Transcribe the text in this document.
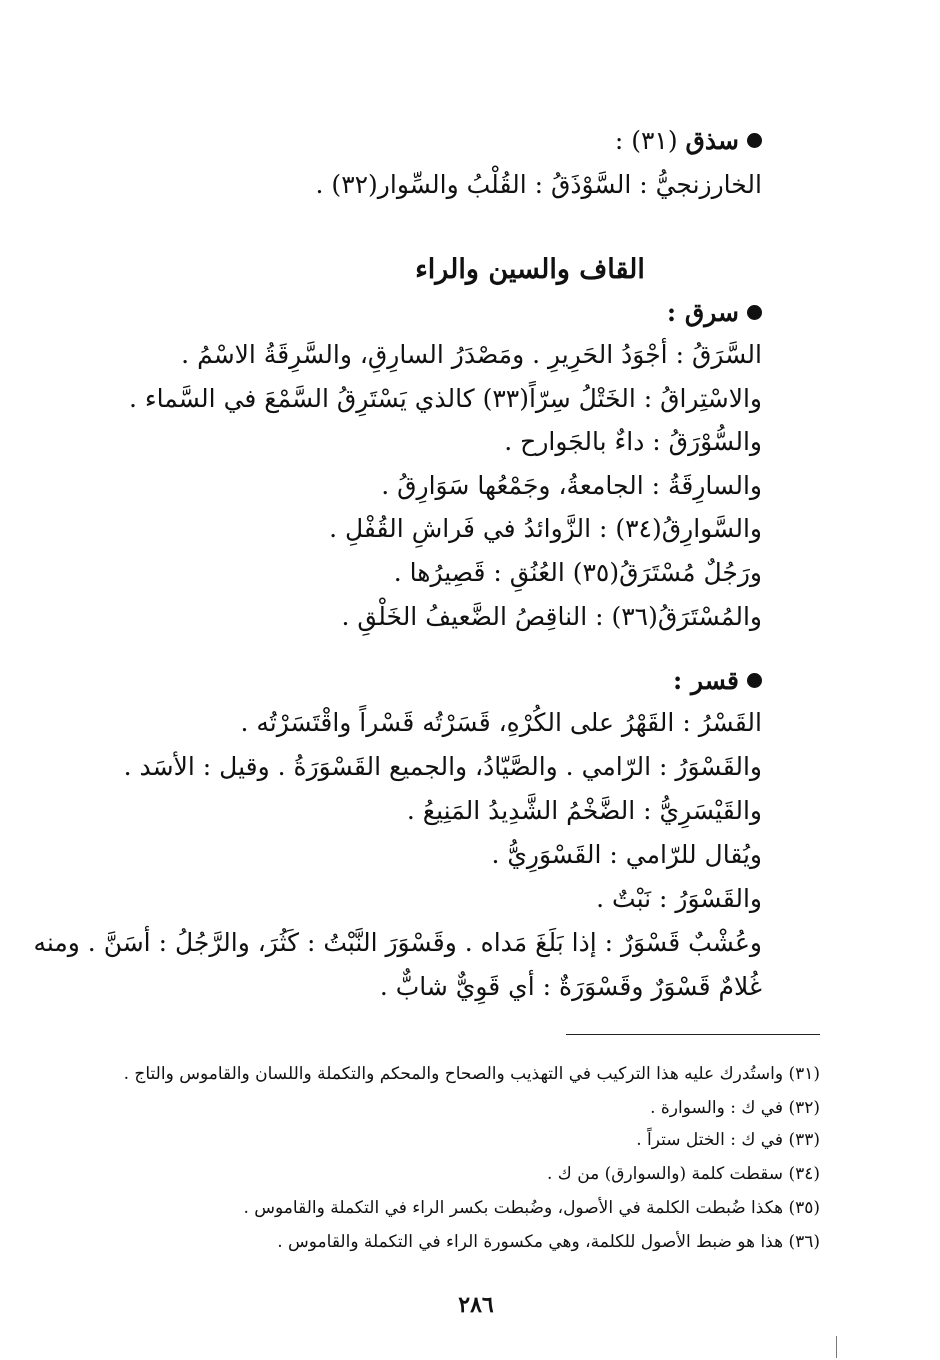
سذق (٣١) :
الخارزنجيُّ : السَّوْذَقُ : القُلْبُ والسِّوار(٣٢) .
القاف والسين والراء
سرق :
السَّرَقُ : أجْوَدُ الحَرِيرِ . ومَصْدَرُ السارِقِ، والسَّرِقَةُ الاسْمُ .
والاسْتِراقُ : الخَتْلُ سِرّاً(٣٣) كالذي يَسْتَرِقُ السَّمْعَ في السَّماء .
والسُّوْرَقُ : داءٌ بالجَوارح .
والسارِقَةُ : الجامعةُ، وجَمْعُها سَوَارِقُ .
والسَّوارِقُ(٣٤) : الزَّوائدُ في فَراشِ القُفْلِ .
ورَجُلٌ مُسْتَرَقُ(٣٥) العُنُقِ : قَصِيرُها .
والمُسْتَرَقُ(٣٦) : الناقِصُ الضَّعيفُ الخَلْقِ .
قسر :
القَسْرُ : القَهْرُ على الكُرْهِ، قَسَرْتُه قَسْراً واقْتَسَرْتُه .
والقَسْوَرُ : الرّامي . والصَّيّادُ، والجميع القَسْوَرَةُ . وقيل : الأسَد .
والقَيْسَرِيُّ : الضَّخْمُ الشَّدِيدُ المَنِيعُ .
ويُقال للرّامي : القَسْوَرِيُّ .
والقَسْوَرُ : نَبْتٌ .
وعُشْبٌ قَسْوَرٌ : إذا بَلَغَ مَداه . وقَسْوَرَ النَّبْتُ : كَثُرَ، والرَّجُلُ : أسَنَّ . ومنه
غُلامٌ قَسْوَرٌ وقَسْوَرَةٌ : أي قَوِيٌّ شابٌّ .
(٣١) واستُدرك عليه هذا التركيب في التهذيب والصحاح والمحكم والتكملة واللسان والقاموس والتاج .
(٣٢) في ك : والسوارة .
(٣٣) في ك : الختل ستراً .
(٣٤) سقطت كلمة (والسوارق) من ك .
(٣٥) هكذا ضُبطت الكلمة في الأصول، وضُبطت بكسر الراء في التكملة والقاموس .
(٣٦) هذا هو ضبط الأصول للكلمة، وهي مكسورة الراء في التكملة والقاموس .
٢٨٦
